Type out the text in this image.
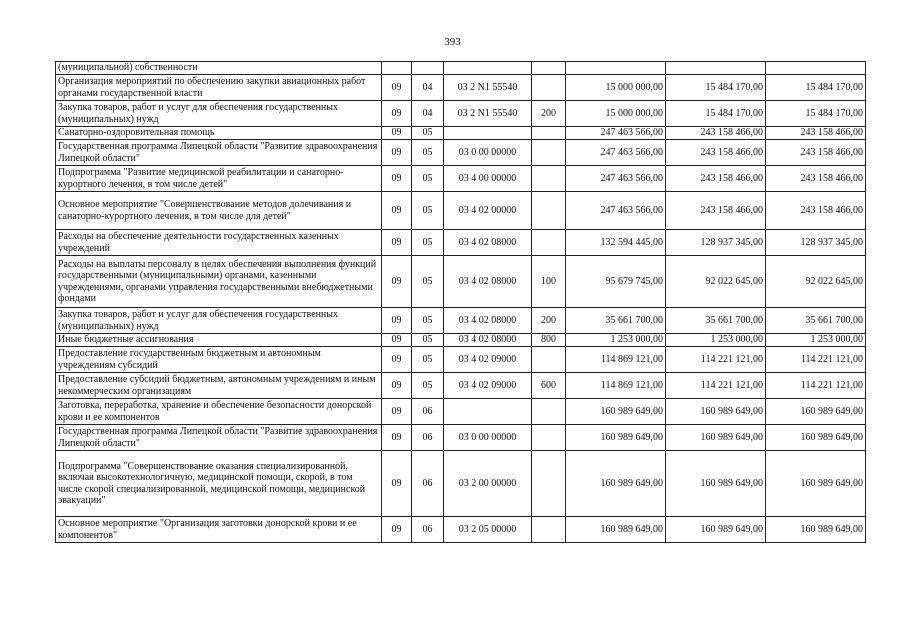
393
(муниципальной) собственности							
Организация мероприятий по обеспечению закупки авиационных работ органами государственной власти	09	04	03 2 N1 55540		15 000 000,00	15 484 170,00	15 484 170,00
Закупка товаров, работ и услуг для обеспечения государственных (муниципальных) нужд	09	04	03 2 N1 55540	200	15 000 000,00	15 484 170,00	15 484 170,00
Санаторно-оздоровительная помощь	09	05			247 463 566,00	243 158 466,00	243 158 466,00
Государственная программа Липецкой области "Развитие здравоохранения Липецкой области"	09	05	03 0 00 00000		247 463 566,00	243 158 466,00	243 158 466,00
Подпрограмма "Развитие медицинской реабилитации и санаторно-курортного лечения, в том числе детей"	09	05	03 4 00 00000		247 463 566,00	243 158 466,00	243 158 466,00
Основное мероприятие "Совершенствование методов долечивания и санаторно-курортного лечения, в том числе для детей"	09	05	03 4 02 00000		247 463 566,00	243 158 466,00	243 158 466,00
Расходы на обеспечение деятельности государственных казенных учреждений	09	05	03 4 02 08000		132 594 445,00	128 937 345,00	128 937 345,00
Расходы на выплаты персоналу в целях обеспечения выполнения функций государственными (муниципальными) органами, казенными учреждениями, органами управления государственными внебюджетными фондами	09	05	03 4 02 08000	100	95 679 745,00	92 022 645,00	92 022 645,00
Закупка товаров, работ и услуг для обеспечения государственных (муниципальных) нужд	09	05	03 4 02 08000	200	35 661 700,00	35 661 700,00	35 661 700,00
Иные бюджетные ассигнования	09	05	03 4 02 08000	800	1 253 000,00	1 253 000,00	1 253 000,00
Предоставление государственным бюджетным и автономным учреждениям субсидий	09	05	03 4 02 09000		114 869 121,00	114 221 121,00	114 221 121,00
Предоставление субсидий бюджетным, автономным учреждениям и иным некоммерческим организациям	09	05	03 4 02 09000	600	114 869 121,00	114 221 121,00	114 221 121,00
Заготовка, переработка, хранение и обеспечение безопасности донорской крови и ее компонентов	09	06			160 989 649,00	160 989 649,00	160 989 649,00
Государственная программа Липецкой области "Развитие здравоохранения Липецкой области"	09	06	03 0 00 00000		160 989 649,00	160 989 649,00	160 989 649,00
Подпрограмма "Совершенствование оказания специализированной, включая высокотехнологичную, медицинской помощи, скорой, в том числе скорой специализированной, медицинской помощи, медицинской эвакуации"	09	06	03 2 00 00000		160 989 649,00	160 989 649,00	160 989 649,00
Основное мероприятие "Организация заготовки донорской крови и ее компонентов"	09	06	03 2 05 00000		160 989 649,00	160 989 649,00	160 989 649,00
